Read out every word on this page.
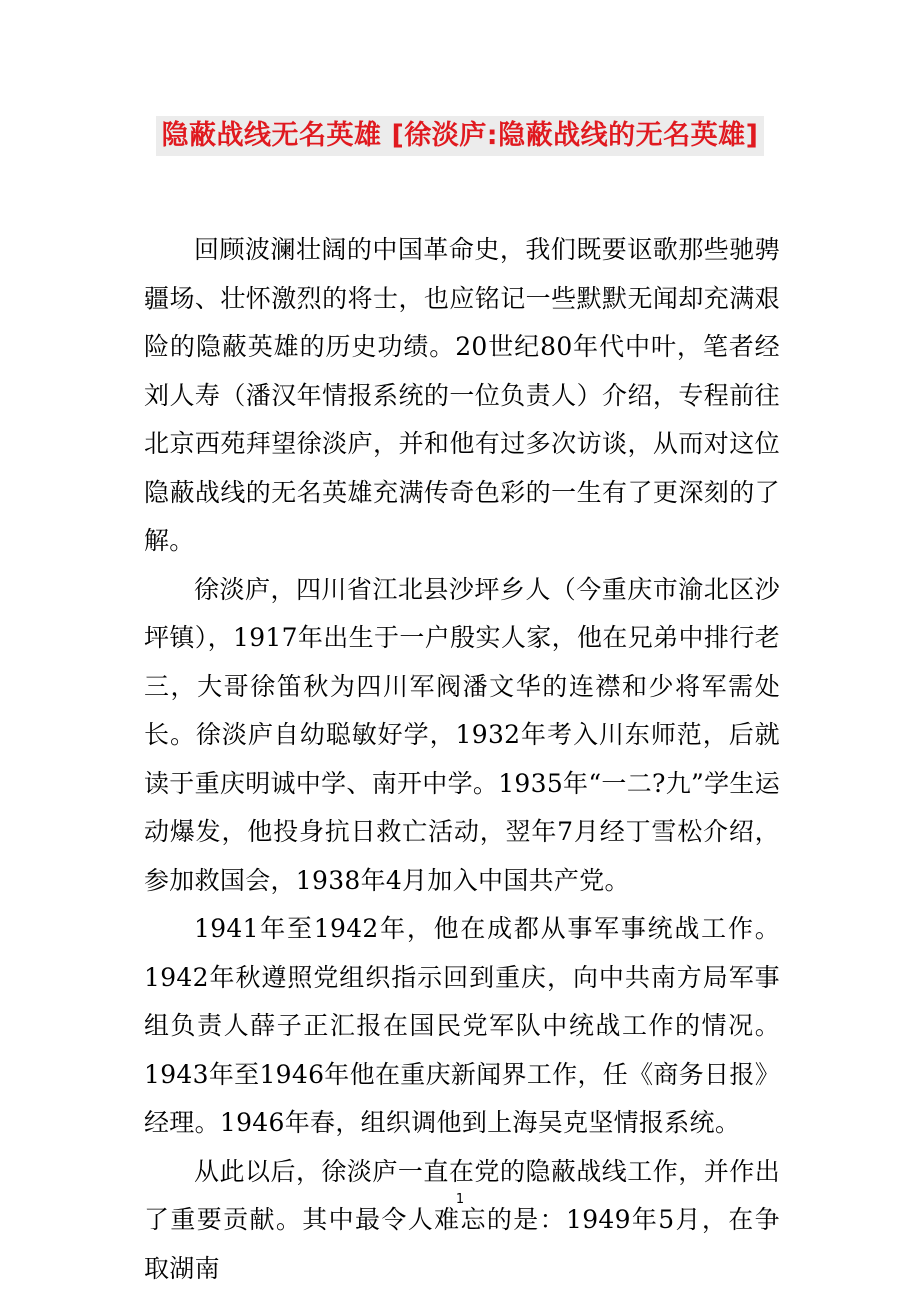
隐蔽战线无名英雄 [徐淡庐:隐蔽战线的无名英雄]

回顾波澜壮阔的中国革命史，我们既要讴歌那些驰骋疆场、壮怀激烈的将士，也应铭记一些默默无闻却充满艰险的隐蔽英雄的历史功绩。20世纪80年代中叶，笔者经刘人寿（潘汉年情报系统的一位负责人）介绍，专程前往北京西苑拜望徐淡庐，并和他有过多次访谈，从而对这位隐蔽战线的无名英雄充满传奇色彩的一生有了更深刻的了解。

徐淡庐，四川省江北县沙坪乡人（今重庆市渝北区沙坪镇），1917年出生于一户殷实人家，他在兄弟中排行老三，大哥徐笛秋为四川军阀潘文华的连襟和少将军需处长。徐淡庐自幼聪敏好学，1932年考入川东师范，后就读于重庆明诚中学、南开中学。1935年“一二?九”学生运动爆发，他投身抗日救亡活动，翌年7月经丁雪松介绍，参加救国会，1938年4月加入中国共产党。

1941年至1942年，他在成都从事军事统战工作。1942年秋遵照党组织指示回到重庆，向中共南方局军事组负责人薛子正汇报在国民党军队中统战工作的情况。1943年至1946年他在重庆新闻界工作，任《商务日报》经理。1946年春，组织调他到上海吴克坚情报系统。

从此以后，徐淡庐一直在党的隐蔽战线工作，并作出了重要贡献。其中最令人难忘的是：1949年5月，在争取湖南

1
